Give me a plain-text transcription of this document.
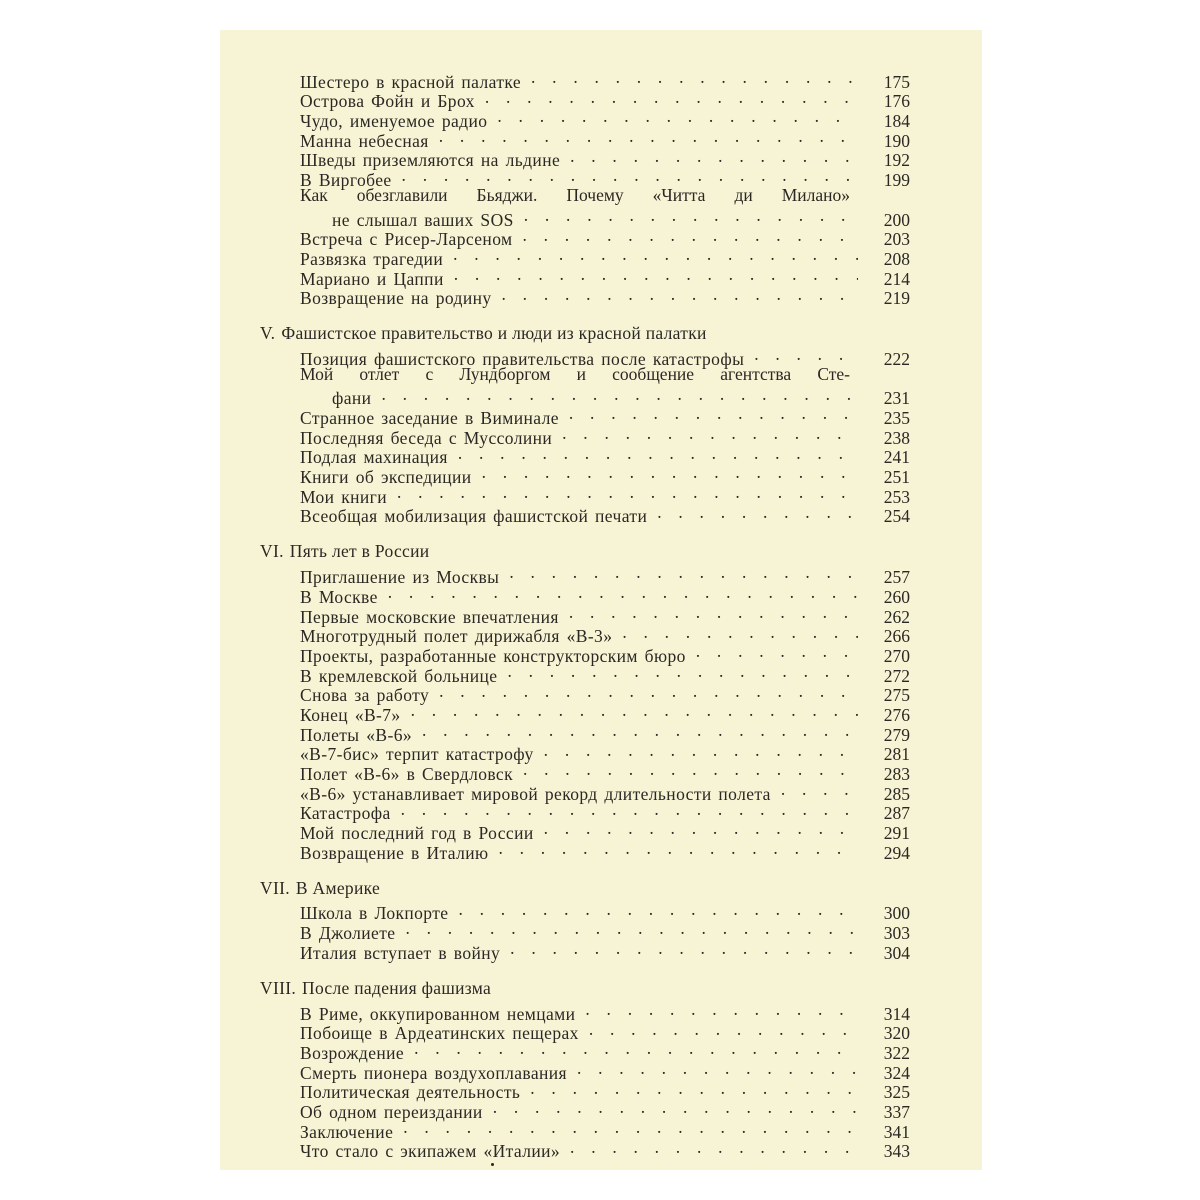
Шестеро в красной палатке . . .	175
Острова Фойн и Брох . . .	176
Чудо, именуемое радио . . .	184
Манна небесная . . .	190
Шведы приземляются на льдине . . .	192
В Виргобее . . .	199
Как обезглавили Бьяджи. Почему «Читта ди Милано»
не слышал ваших SOS . . .	200
Встреча с Рисер-Ларсеном . . .	203
Развязка трагедии . . .	208
Мариано и Цаппи . . .	214
Возвращение на родину . . .	219
V. Фашистское правительство и люди из красной палатки
Позиция фашистского правительства после катастрофы . . .	222
Мой отлет с Лундборгом и сообщение агентства Сте-
фани . . .	231
Странное заседание в Виминале . . .	235
Последняя беседа с Муссолини . . .	238
Подлая махинация . . .	241
Книги об экспедиции . . .	251
Мои книги . . .	253
Всеобщая мобилизация фашистской печати . . .	254
VI. Пять лет в России
Приглашение из Москвы . . .	257
В Москве . . .	260
Первые московские впечатления . . .	262
Многотрудный полет дирижабля «В-3» . . .	266
Проекты, разработанные конструкторским бюро . . .	270
В кремлевской больнице . . .	272
Снова за работу . . .	275
Конец «В-7» . . .	276
Полеты «В-6» . . .	279
«В-7-бис» терпит катастрофу . . .	281
Полет «В-6» в Свердловск . . .	283
«В-6» устанавливает мировой рекорд длительности полета . . .	285
Катастрофа . . .	287
Мой последний год в России . . .	291
Возвращение в Италию . . .	294
VII. В Америке
Школа в Локпорте . . .	300
В Джолиете . . .	303
Италия вступает в войну . . .	304
VIII. После падения фашизма
В Риме, оккупированном немцами . . .	314
Побоище в Ардеатинских пещерах . . .	320
Возрождение . . .	322
Смерть пионера воздухоплавания . . .	324
Политическая деятельность . . .	325
Об одном переиздании . . .	337
Заключение . . .	341
Что стало с экипажем «Италии» . . .	343
